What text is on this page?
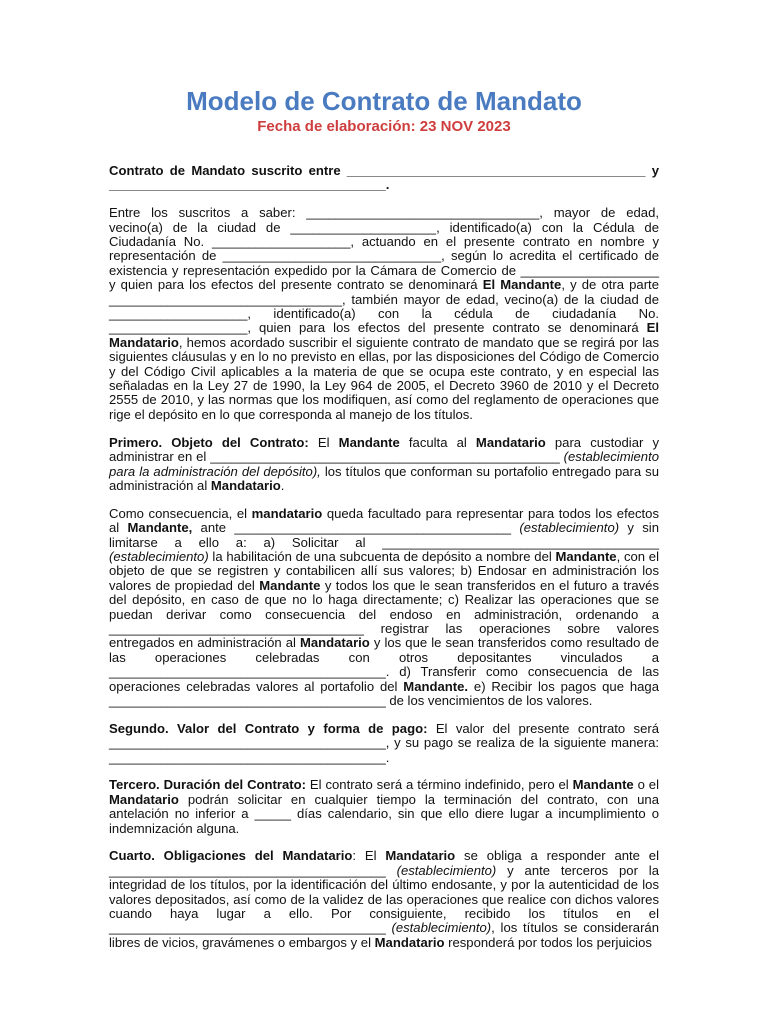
Modelo de Contrato de Mandato
Fecha de elaboración: 23 NOV 2023

Contrato de Mandato suscrito entre _________________________________________ y ______________________________________.

Entre los suscritos a saber: ________________________________, mayor de edad, vecino(a) de la ciudad de ____________________, identificado(a) con la Cédula de Ciudadanía No. ___________________, actuando en el presente contrato en nombre y representación de ______________________________, según lo acredita el certificado de existencia y representación expedido por la Cámara de Comercio de ___________________ y quien para los efectos del presente contrato se denominará El Mandante, y de otra parte ________________________________, también mayor de edad, vecino(a) de la ciudad de ___________________, identificado(a) con la cédula de ciudadanía No. ___________________, quien para los efectos del presente contrato se denominará El Mandatario, hemos acordado suscribir el siguiente contrato de mandato que se regirá por las siguientes cláusulas y en lo no previsto en ellas, por las disposiciones del Código de Comercio y del Código Civil aplicables a la materia de que se ocupa este contrato, y en especial las señaladas en la Ley 27 de 1990, la Ley 964 de 2005, el Decreto 3960 de 2010 y el Decreto 2555 de 2010, y las normas que los modifiquen, así como del reglamento de operaciones que rige el depósito en lo que corresponda al manejo de los títulos.

Primero. Objeto del Contrato: El Mandante faculta al Mandatario para custodiar y administrar en el ________________________________________________ (establecimiento para la administración del depósito), los títulos que conforman su portafolio entregado para su administración al Mandatario.

Como consecuencia, el mandatario queda facultado para representar para todos los efectos al Mandante, ante ______________________________________ (establecimiento) y sin limitarse a ello a: a) Solicitar al ______________________________________ (establecimiento) la habilitación de una subcuenta de depósito a nombre del Mandante, con el objeto de que se registren y contabilicen allí sus valores; b) Endosar en administración los valores de propiedad del Mandante y todos los que le sean transferidos en el futuro a través del depósito, en caso de que no lo haga directamente; c) Realizar las operaciones que se puedan derivar como consecuencia del endoso en administración, ordenando a ___________________________________ registrar las operaciones sobre valores entregados en administración al Mandatario y los que le sean transferidos como resultado de las operaciones celebradas con otros depositantes vinculados a ______________________________________. d) Transferir como consecuencia de las operaciones celebradas valores al portafolio del Mandante. e) Recibir los pagos que haga ______________________________________ de los vencimientos de los valores.

Segundo. Valor del Contrato y forma de pago: El valor del presente contrato será ______________________________________, y su pago se realiza de la siguiente manera: ______________________________________.

Tercero. Duración del Contrato: El contrato será a término indefinido, pero el Mandante o el Mandatario podrán solicitar en cualquier tiempo la terminación del contrato, con una antelación no inferior a _____ días calendario, sin que ello diere lugar a incumplimiento o indemnización alguna.

Cuarto. Obligaciones del Mandatario: El Mandatario se obliga a responder ante el ______________________________________ (establecimiento) y ante terceros por la integridad de los títulos, por la identificación del último endosante, y por la autenticidad de los valores depositados, así como de la validez de las operaciones que realice con dichos valores cuando haya lugar a ello. Por consiguiente, recibido los títulos en el ______________________________________ (establecimiento), los títulos se considerarán libres de vicios, gravámenes o embargos y el Mandatario responderá por todos los perjuicios
